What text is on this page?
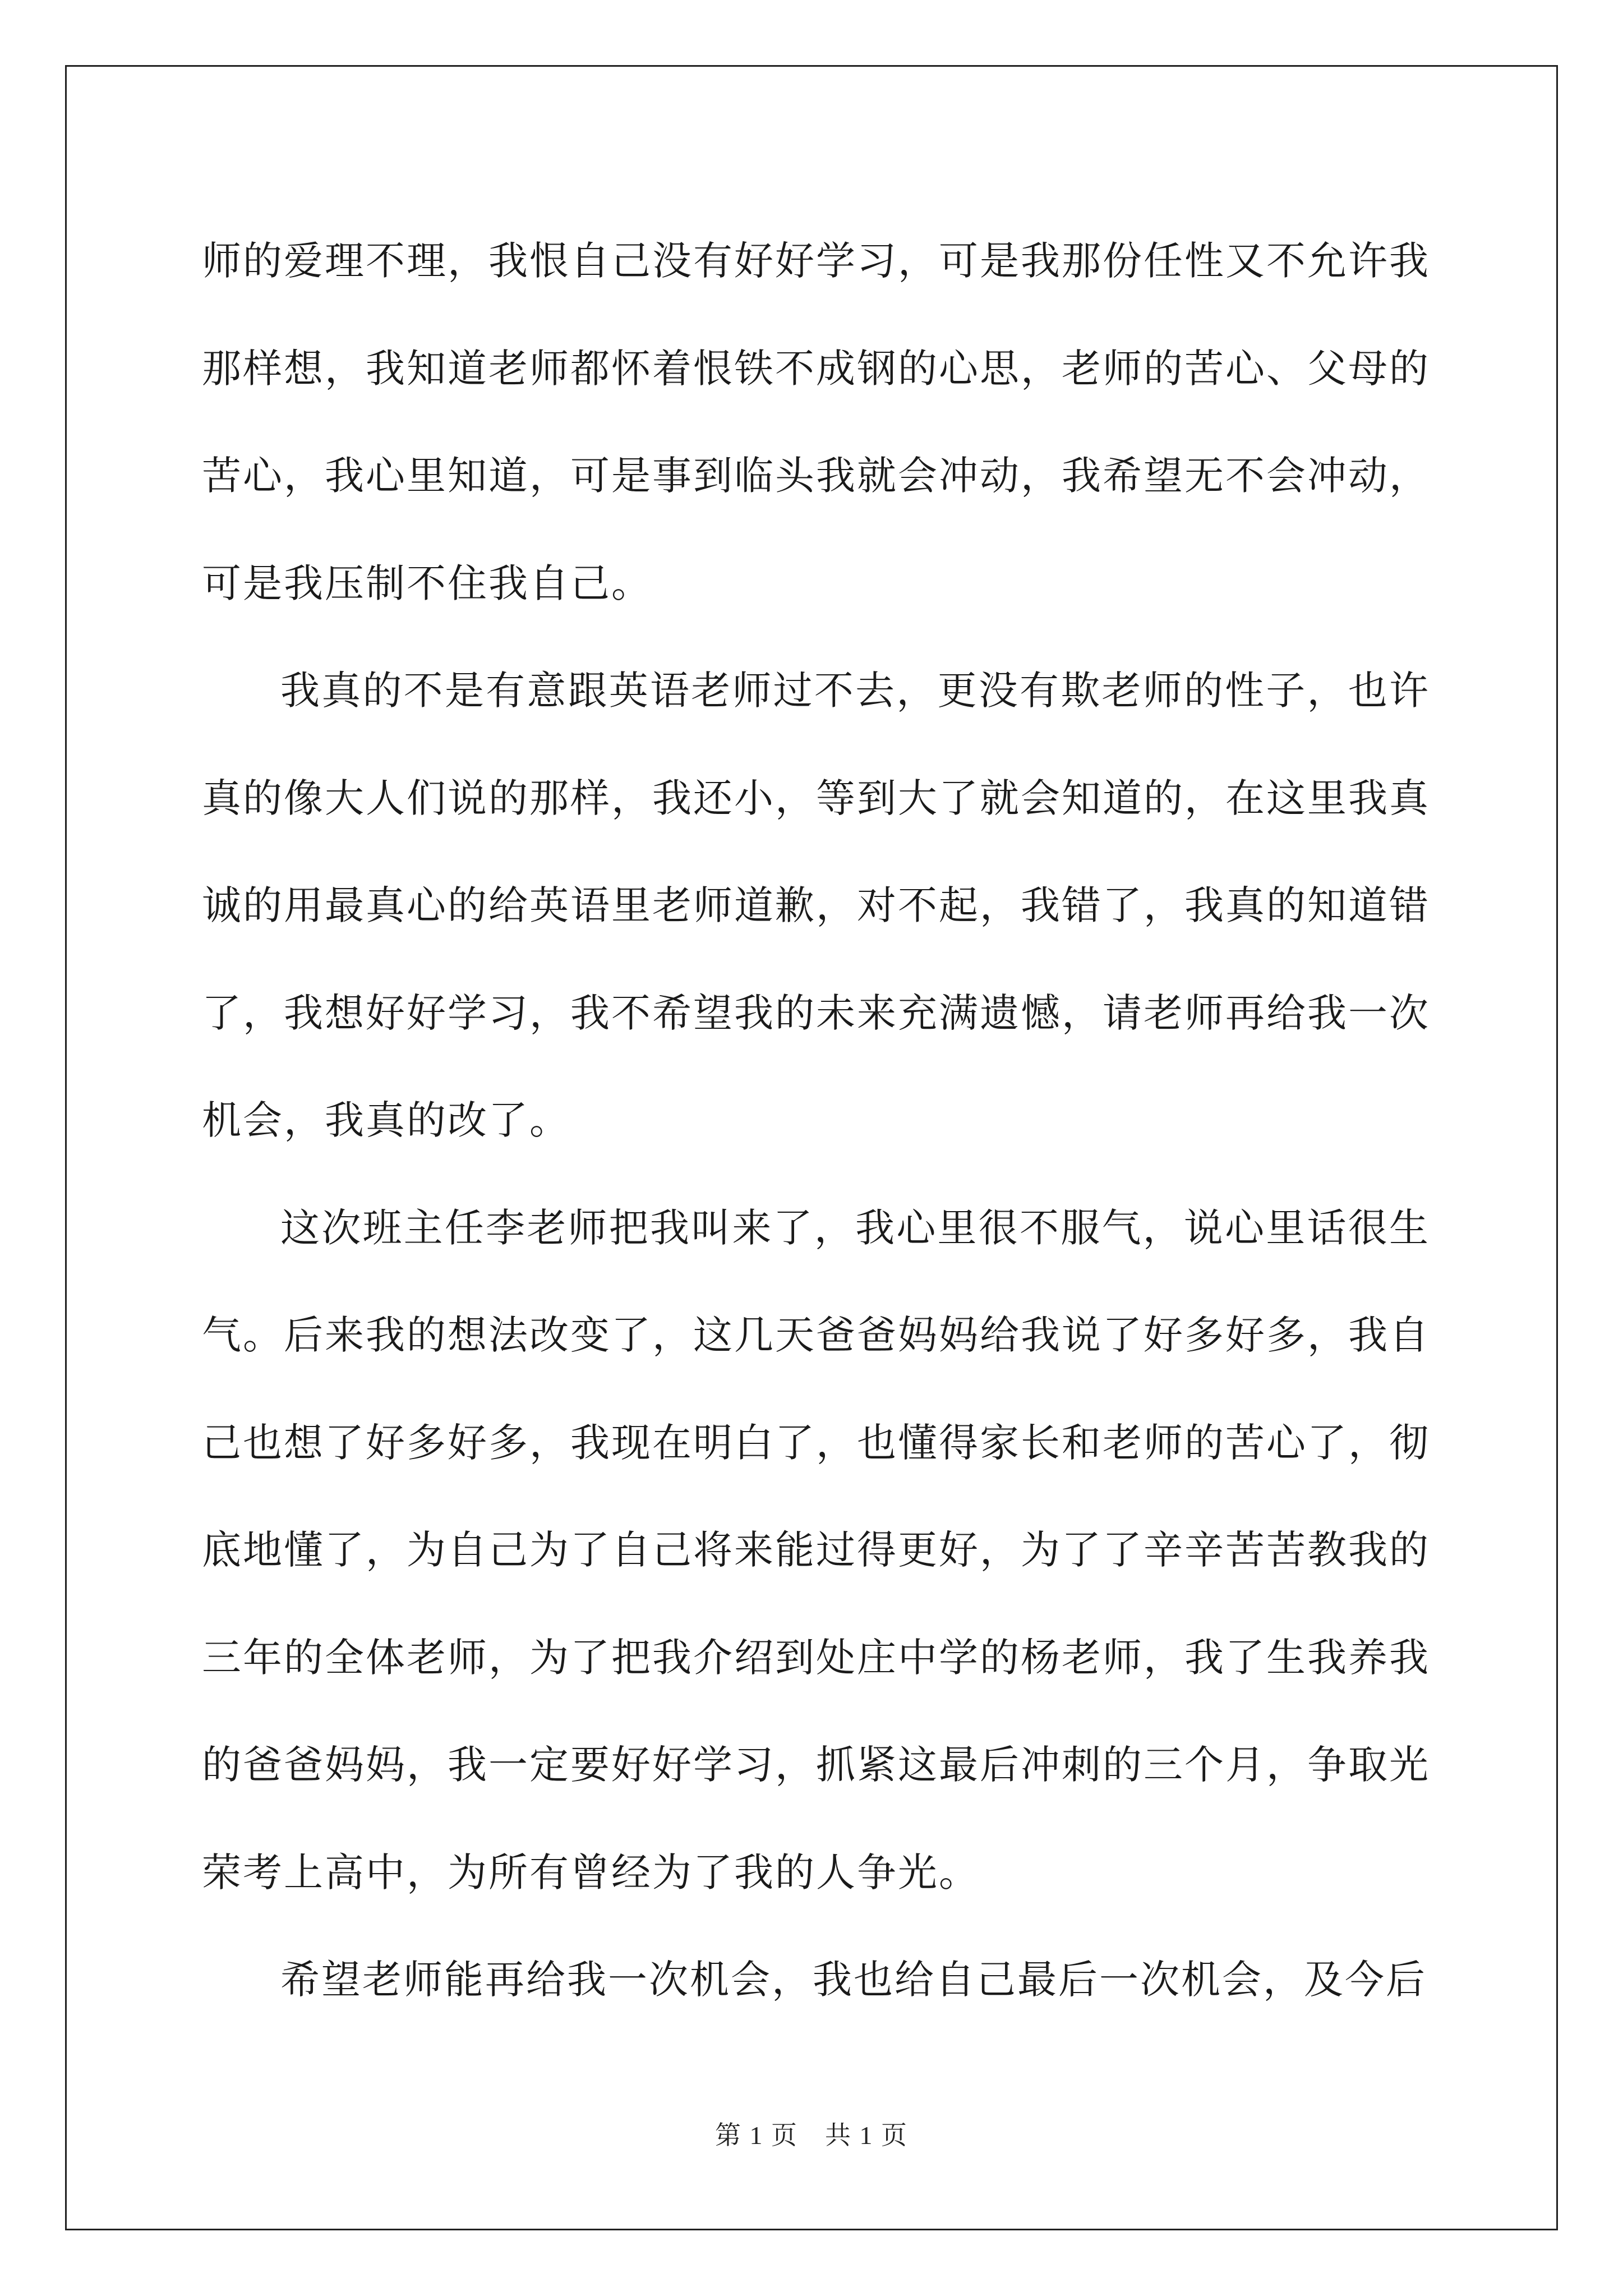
师的爱理不理，我恨自己没有好好学习，可是我那份任性又不允许我那样想，我知道老师都怀着恨铁不成钢的心思，老师的苦心、父母的苦心，我心里知道，可是事到临头我就会冲动，我希望无不会冲动，可是我压制不住我自己。

我真的不是有意跟英语老师过不去，更没有欺老师的性子，也许真的像大人们说的那样，我还小，等到大了就会知道的，在这里我真诚的用最真心的给英语里老师道歉，对不起，我错了，我真的知道错了，我想好好学习，我不希望我的未来充满遗憾，请老师再给我一次机会，我真的改了。

这次班主任李老师把我叫来了，我心里很不服气，说心里话很生气。后来我的想法改变了，这几天爸爸妈妈给我说了好多好多，我自己也想了好多好多，我现在明白了，也懂得家长和老师的苦心了，彻底地懂了，为自己为了自己将来能过得更好，为了了辛辛苦苦教我的三年的全体老师，为了把我介绍到处庄中学的杨老师，我了生我养我的爸爸妈妈，我一定要好好学习，抓紧这最后冲刺的三个月，争取光荣考上高中，为所有曾经为了我的人争光。

希望老师能再给我一次机会，我也给自己最后一次机会，及今后

第 1 页　共 1 页
